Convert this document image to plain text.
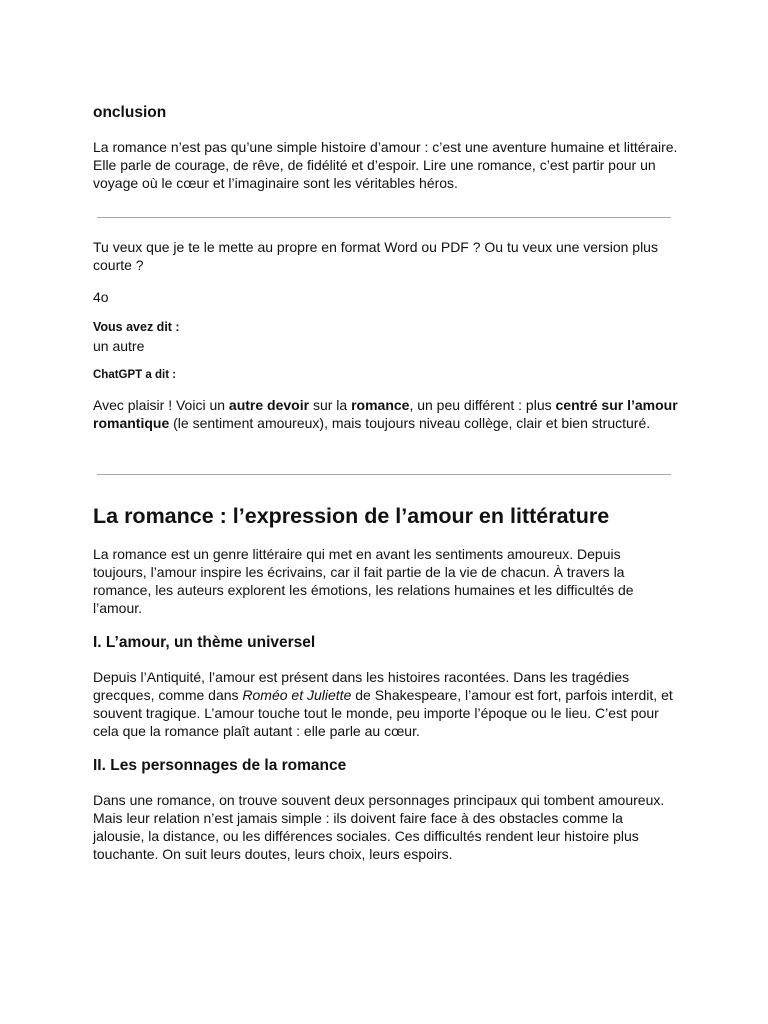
onclusion

La romance n’est pas qu’une simple histoire d’amour : c’est une aventure humaine et littéraire. Elle parle de courage, de rêve, de fidélité et d’espoir. Lire une romance, c’est partir pour un voyage où le cœur et l’imaginaire sont les véritables héros.

Tu veux que je te le mette au propre en format Word ou PDF ? Ou tu veux une version plus courte ?

4o

Vous avez dit :

un autre

ChatGPT a dit :

Avec plaisir ! Voici un autre devoir sur la romance, un peu différent : plus centré sur l’amour romantique (le sentiment amoureux), mais toujours niveau collège, clair et bien structuré.

La romance : l’expression de l’amour en littérature

La romance est un genre littéraire qui met en avant les sentiments amoureux. Depuis toujours, l’amour inspire les écrivains, car il fait partie de la vie de chacun. À travers la romance, les auteurs explorent les émotions, les relations humaines et les difficultés de l’amour.

I. L’amour, un thème universel

Depuis l’Antiquité, l’amour est présent dans les histoires racontées. Dans les tragédies grecques, comme dans Roméo et Juliette de Shakespeare, l’amour est fort, parfois interdit, et souvent tragique. L’amour touche tout le monde, peu importe l’époque ou le lieu. C’est pour cela que la romance plaît autant : elle parle au cœur.

II. Les personnages de la romance

Dans une romance, on trouve souvent deux personnages principaux qui tombent amoureux. Mais leur relation n’est jamais simple : ils doivent faire face à des obstacles comme la jalousie, la distance, ou les différences sociales. Ces difficultés rendent leur histoire plus touchante. On suit leurs doutes, leurs choix, leurs espoirs.
